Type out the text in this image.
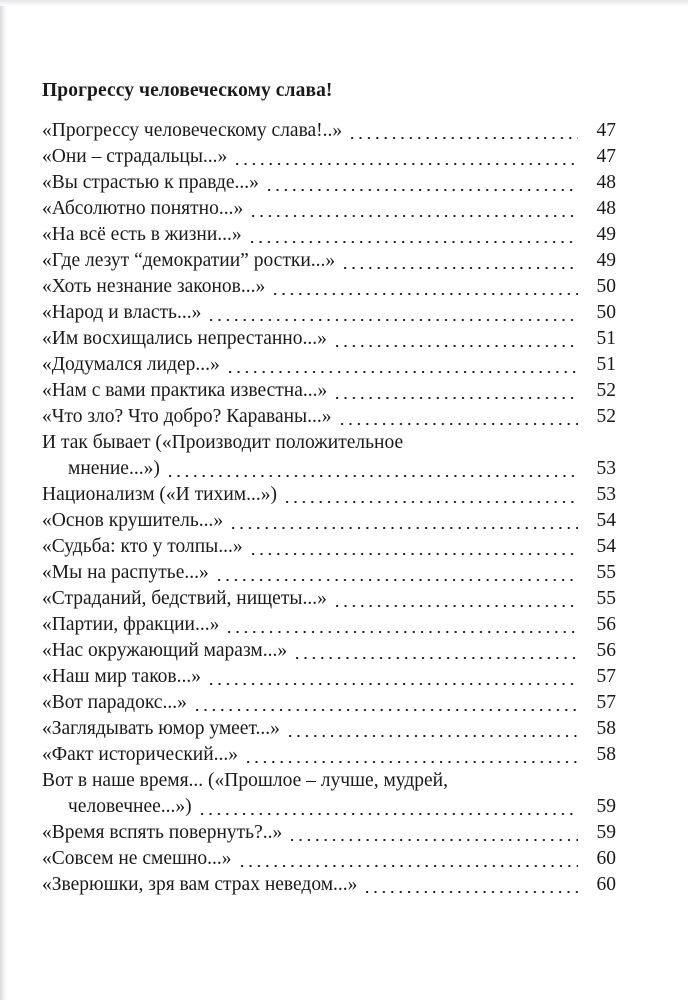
Прогрессу человеческому слава!
«Прогрессу человеческому слава!..»	47
«Они – страдальцы...»	47
«Вы страстью к правде...»	48
«Абсолютно понятно...»	48
«На всё есть в жизни...»	49
«Где лезут “демократии” ростки...»	49
«Хоть незнание законов...»	50
«Народ и власть...»	50
«Им восхищались непрестанно...»	51
«Додумался лидер...»	51
«Нам с вами практика известна...»	52
«Что зло? Что добро? Караваны...»	52
И так бывает («Производит положительное
мнение...»)	53
Национализм («И тихим...»)	53
«Основ крушитель...»	54
«Судьба: кто у толпы...»	54
«Мы на распутье...»	55
«Страданий, бедствий, нищеты...»	55
«Партии, фракции...»	56
«Нас окружающий маразм...»	56
«Наш мир таков...»	57
«Вот парадокс...»	57
«Заглядывать юмор умеет...»	58
«Факт исторический...»	58
Вот в наше время... («Прошлое – лучше, мудрей,
человечнее...»)	59
«Время вспять повернуть?..»	59
«Совсем не смешно...»	60
«Зверюшки, зря вам страх неведом...»	60
